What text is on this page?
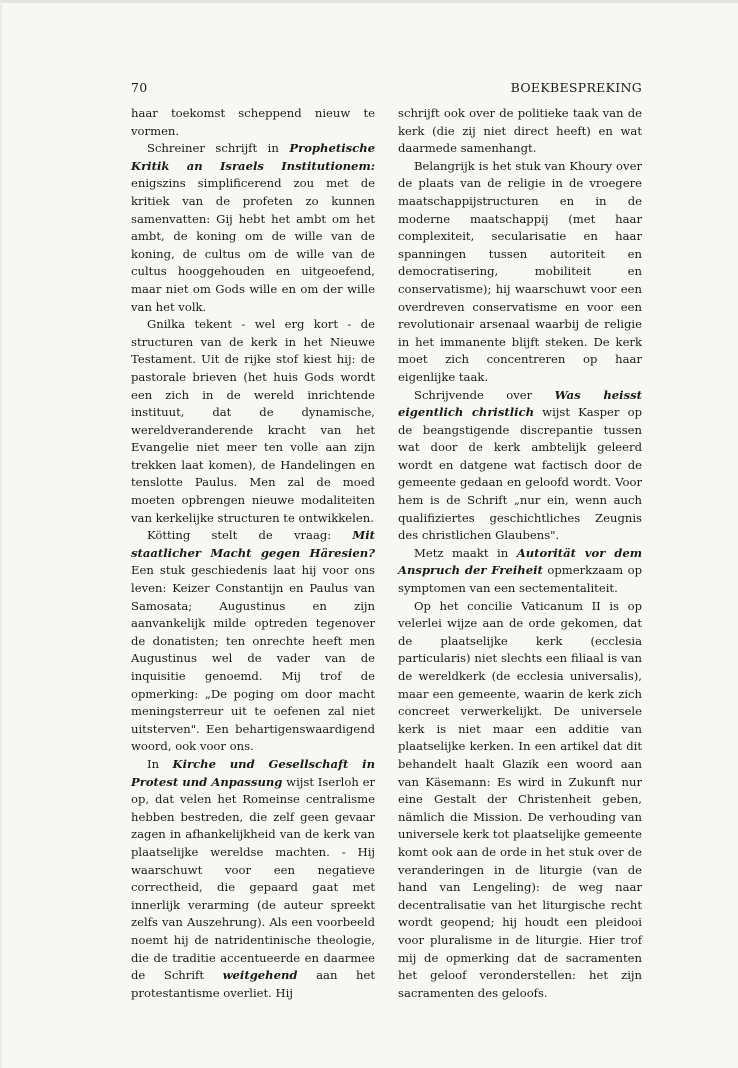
70	BOEKBESPREKING

haar toekomst scheppend nieuw te vormen.

Schreiner schrijft in Prophetische Kritik an Israels Institutionem: enigszins simplificerend zou met de kritiek van de profeten zo kunnen samenvatten: Gij hebt het ambt om het ambt, de koning om de wille van de koning, de cultus om de wille van de cultus hooggehouden en uitgeoefend, maar niet om Gods wille en om der wille van het volk.

Gnilka tekent - wel erg kort - de structuren van de kerk in het Nieuwe Testament. Uit de rijke stof kiest hij: de pastorale brieven (het huis Gods wordt een zich in de wereld inrichtende instituut, dat de dynamische, wereldveranderende kracht van het Evangelie niet meer ten volle aan zijn trekken laat komen), de Handelingen en tenslotte Paulus. Men zal de moed moeten opbrengen nieuwe modaliteiten van kerkelijke structuren te ontwikkelen.

Kötting stelt de vraag: Mit staatlicher Macht gegen Häresien? Een stuk geschiedenis laat hij voor ons leven: Keizer Constantijn en Paulus van Samosata; Augustinus en zijn aanvankelijk milde optreden tegenover de donatisten; ten onrechte heeft men Augustinus wel de vader van de inquisitie genoemd. Mij trof de opmerking: „De poging om door macht meningsterreur uit te oefenen zal niet uitsterven". Een behartigenswaardigend woord, ook voor ons.

In Kirche und Gesellschaft in Protest und Anpassung wijst Iserloh er op, dat velen het Romeinse centralisme hebben bestreden, die zelf geen gevaar zagen in afhankelijkheid van de kerk van plaatselijke wereldse machten. - Hij waarschuwt voor een negatieve correctheid, die gepaard gaat met innerlijk verarming (de auteur spreekt zelfs van Auszehrung). Als een voorbeeld noemt hij de natridentinische theologie, die de traditie accentueerde en daarmee de Schrift weitgehend aan het protestantisme overliet. Hij

schrijft ook over de politieke taak van de kerk (die zij niet direct heeft) en wat daarmede samenhangt.

Belangrijk is het stuk van Khoury over de plaats van de religie in de vroegere maatschappijstructuren en in de moderne maatschappij (met haar complexiteit, secularisatie en haar spanningen tussen autoriteit en democratisering, mobiliteit en conservatisme); hij waarschuwt voor een overdreven conservatisme en voor een revolutionair arsenaal waarbij de religie in het immanente blijft steken. De kerk moet zich concentreren op haar eigenlijke taak.

Schrijvende over Was heisst eigentlich christlich wijst Kasper op de beangstigende discrepantie tussen wat door de kerk ambtelijk geleerd wordt en datgene wat factisch door de gemeente gedaan en geloofd wordt. Voor hem is de Schrift „nur ein, wenn auch qualifiziertes geschichtliches Zeugnis des christlichen Glaubens".

Metz maakt in Autorität vor dem Anspruch der Freiheit opmerkzaam op symptomen van een sectementaliteit.

Op het concilie Vaticanum II is op velerlei wijze aan de orde gekomen, dat de plaatselijke kerk (ecclesia particularis) niet slechts een filiaal is van de wereldkerk (de ecclesia universalis), maar een gemeente, waarin de kerk zich concreet verwerkelijkt. De universele kerk is niet maar een additie van plaatselijke kerken. In een artikel dat dit behandelt haalt Glazik een woord aan van Käsemann: Es wird in Zukunft nur eine Gestalt der Christenheit geben, nämlich die Mission. De verhouding van universele kerk tot plaatselijke gemeente komt ook aan de orde in het stuk over de veranderingen in de liturgie (van de hand van Lengeling): de weg naar decentralisatie van het liturgische recht wordt geopend; hij houdt een pleidooi voor pluralisme in de liturgie. Hier trof mij de opmerking dat de sacramenten het geloof veronderstellen: het zijn sacramenten des geloofs.
